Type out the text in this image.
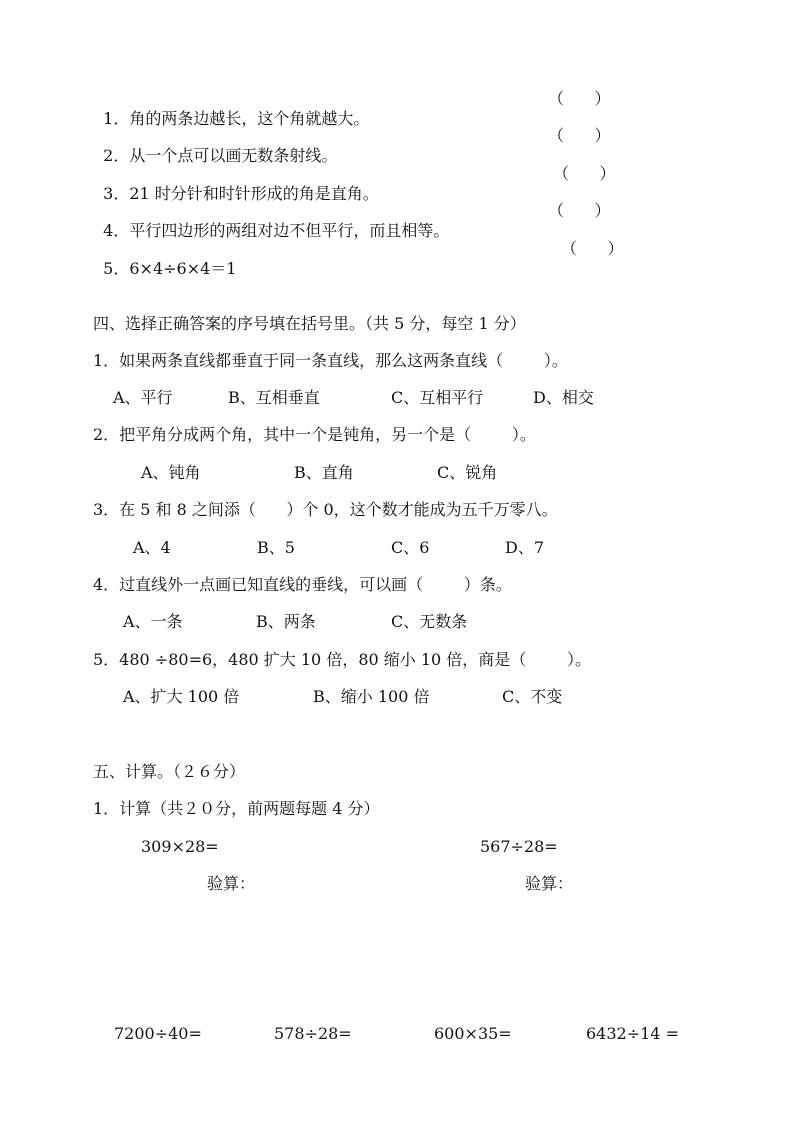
1．角的两条边越长，这个角就越大。

（      ）

2．从一个点可以画无数条射线。

（      ）

3．21 时分针和时针形成的角是直角。

（      ）

4．平行四边形的两组对边不但平行，而且相等。

（      ）

5．6×4÷6×4＝1

（      ）
四、选择正确答案的序号填在括号里。（共 5 分，每空 1 分）
1．如果两条直线都垂直于同一条直线，那么这两条直线（        ）。
A、平行	B、互相垂直	C、互相平行	D、相交
2．把平角分成两个角，其中一个是钝角，另一个是（        ）。
A、钝角	B、直角	C、锐角
3．在 5 和 8 之间添（      ）个 0，这个数才能成为五千万零八。
A、4	B、5	C、6	D、7
4．过直线外一点画已知直线的垂线，可以画（        ）条。
A、一条	B、两条	C、无数条
5．480 ÷80=6，480 扩大 10 倍，80 缩小 10 倍，商是（        ）。
A、扩大 100 倍	B、缩小 100 倍	C、不变
五、计算。（２６分）
1．计算（共２０分，前两题每题 4 分）
309×28=	567÷28=
验算：	验算：
7200÷40=	578÷28=	600×35=	6432÷14 =
